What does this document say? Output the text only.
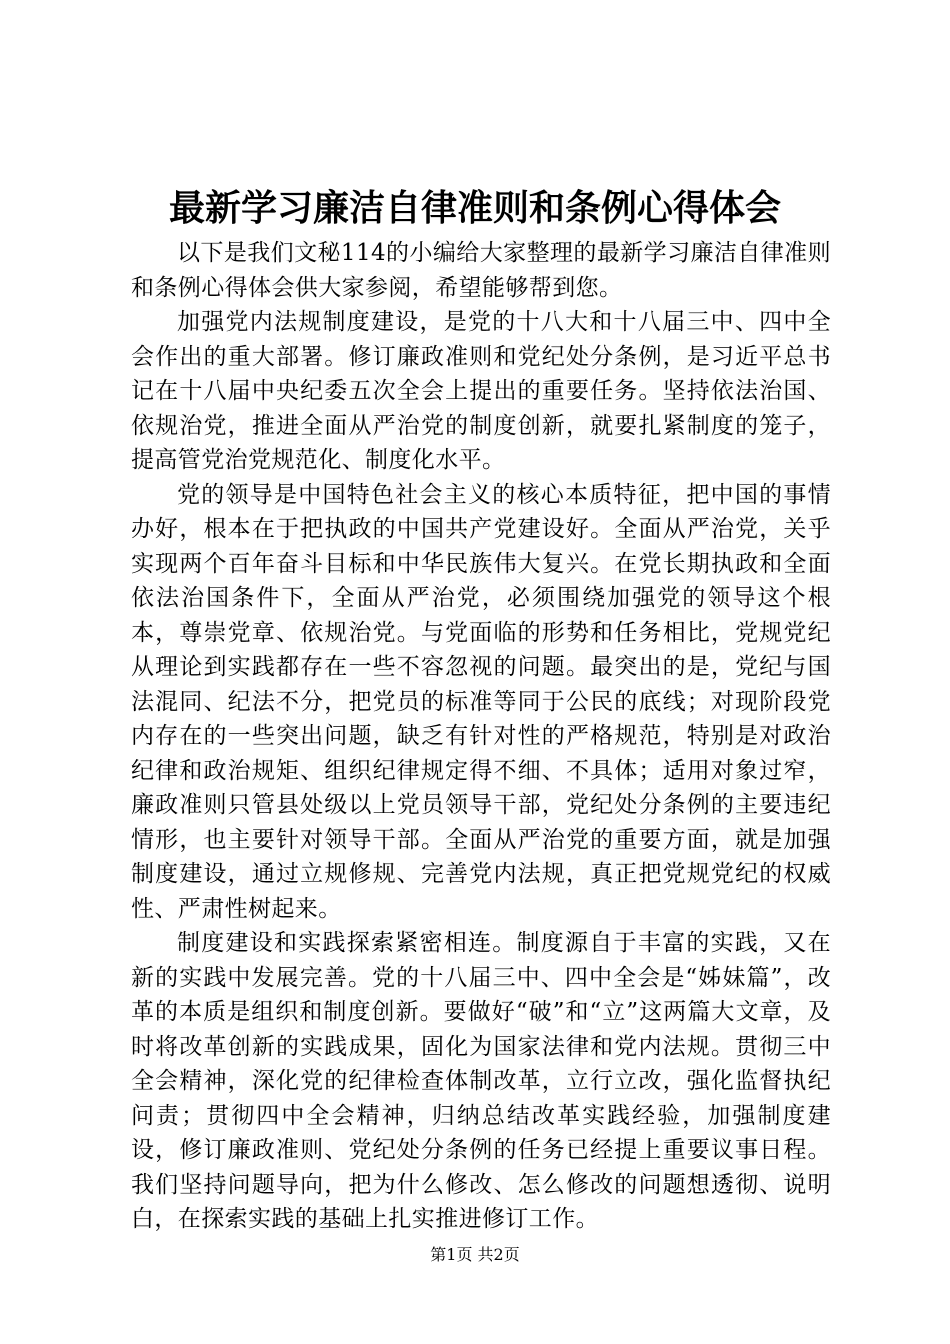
最新学习廉洁自律准则和条例心得体会

以下是我们文秘114的小编给大家整理的最新学习廉洁自律准则和条例心得体会供大家参阅，希望能够帮到您。

加强党内法规制度建设，是党的十八大和十八届三中、四中全会作出的重大部署。修订廉政准则和党纪处分条例，是习近平总书记在十八届中央纪委五次全会上提出的重要任务。坚持依法治国、依规治党，推进全面从严治党的制度创新，就要扎紧制度的笼子，提高管党治党规范化、制度化水平。

党的领导是中国特色社会主义的核心本质特征，把中国的事情办好，根本在于把执政的中国共产党建设好。全面从严治党，关乎实现两个百年奋斗目标和中华民族伟大复兴。在党长期执政和全面依法治国条件下，全面从严治党，必须围绕加强党的领导这个根本，尊崇党章、依规治党。与党面临的形势和任务相比，党规党纪从理论到实践都存在一些不容忽视的问题。最突出的是，党纪与国法混同、纪法不分，把党员的标准等同于公民的底线；对现阶段党内存在的一些突出问题，缺乏有针对性的严格规范，特别是对政治纪律和政治规矩、组织纪律规定得不细、不具体；适用对象过窄，廉政准则只管县处级以上党员领导干部，党纪处分条例的主要违纪情形，也主要针对领导干部。全面从严治党的重要方面，就是加强制度建设，通过立规修规、完善党内法规，真正把党规党纪的权威性、严肃性树起来。

制度建设和实践探索紧密相连。制度源自于丰富的实践，又在新的实践中发展完善。党的十八届三中、四中全会是“姊妹篇”，改革的本质是组织和制度创新。要做好“破”和“立”这两篇大文章，及时将改革创新的实践成果，固化为国家法律和党内法规。贯彻三中全会精神，深化党的纪律检查体制改革，立行立改，强化监督执纪问责；贯彻四中全会精神，归纳总结改革实践经验，加强制度建设，修订廉政准则、党纪处分条例的任务已经提上重要议事日程。我们坚持问题导向，把为什么修改、怎么修改的问题想透彻、说明白，在探索实践的基础上扎实推进修订工作。

第1页 共2页
